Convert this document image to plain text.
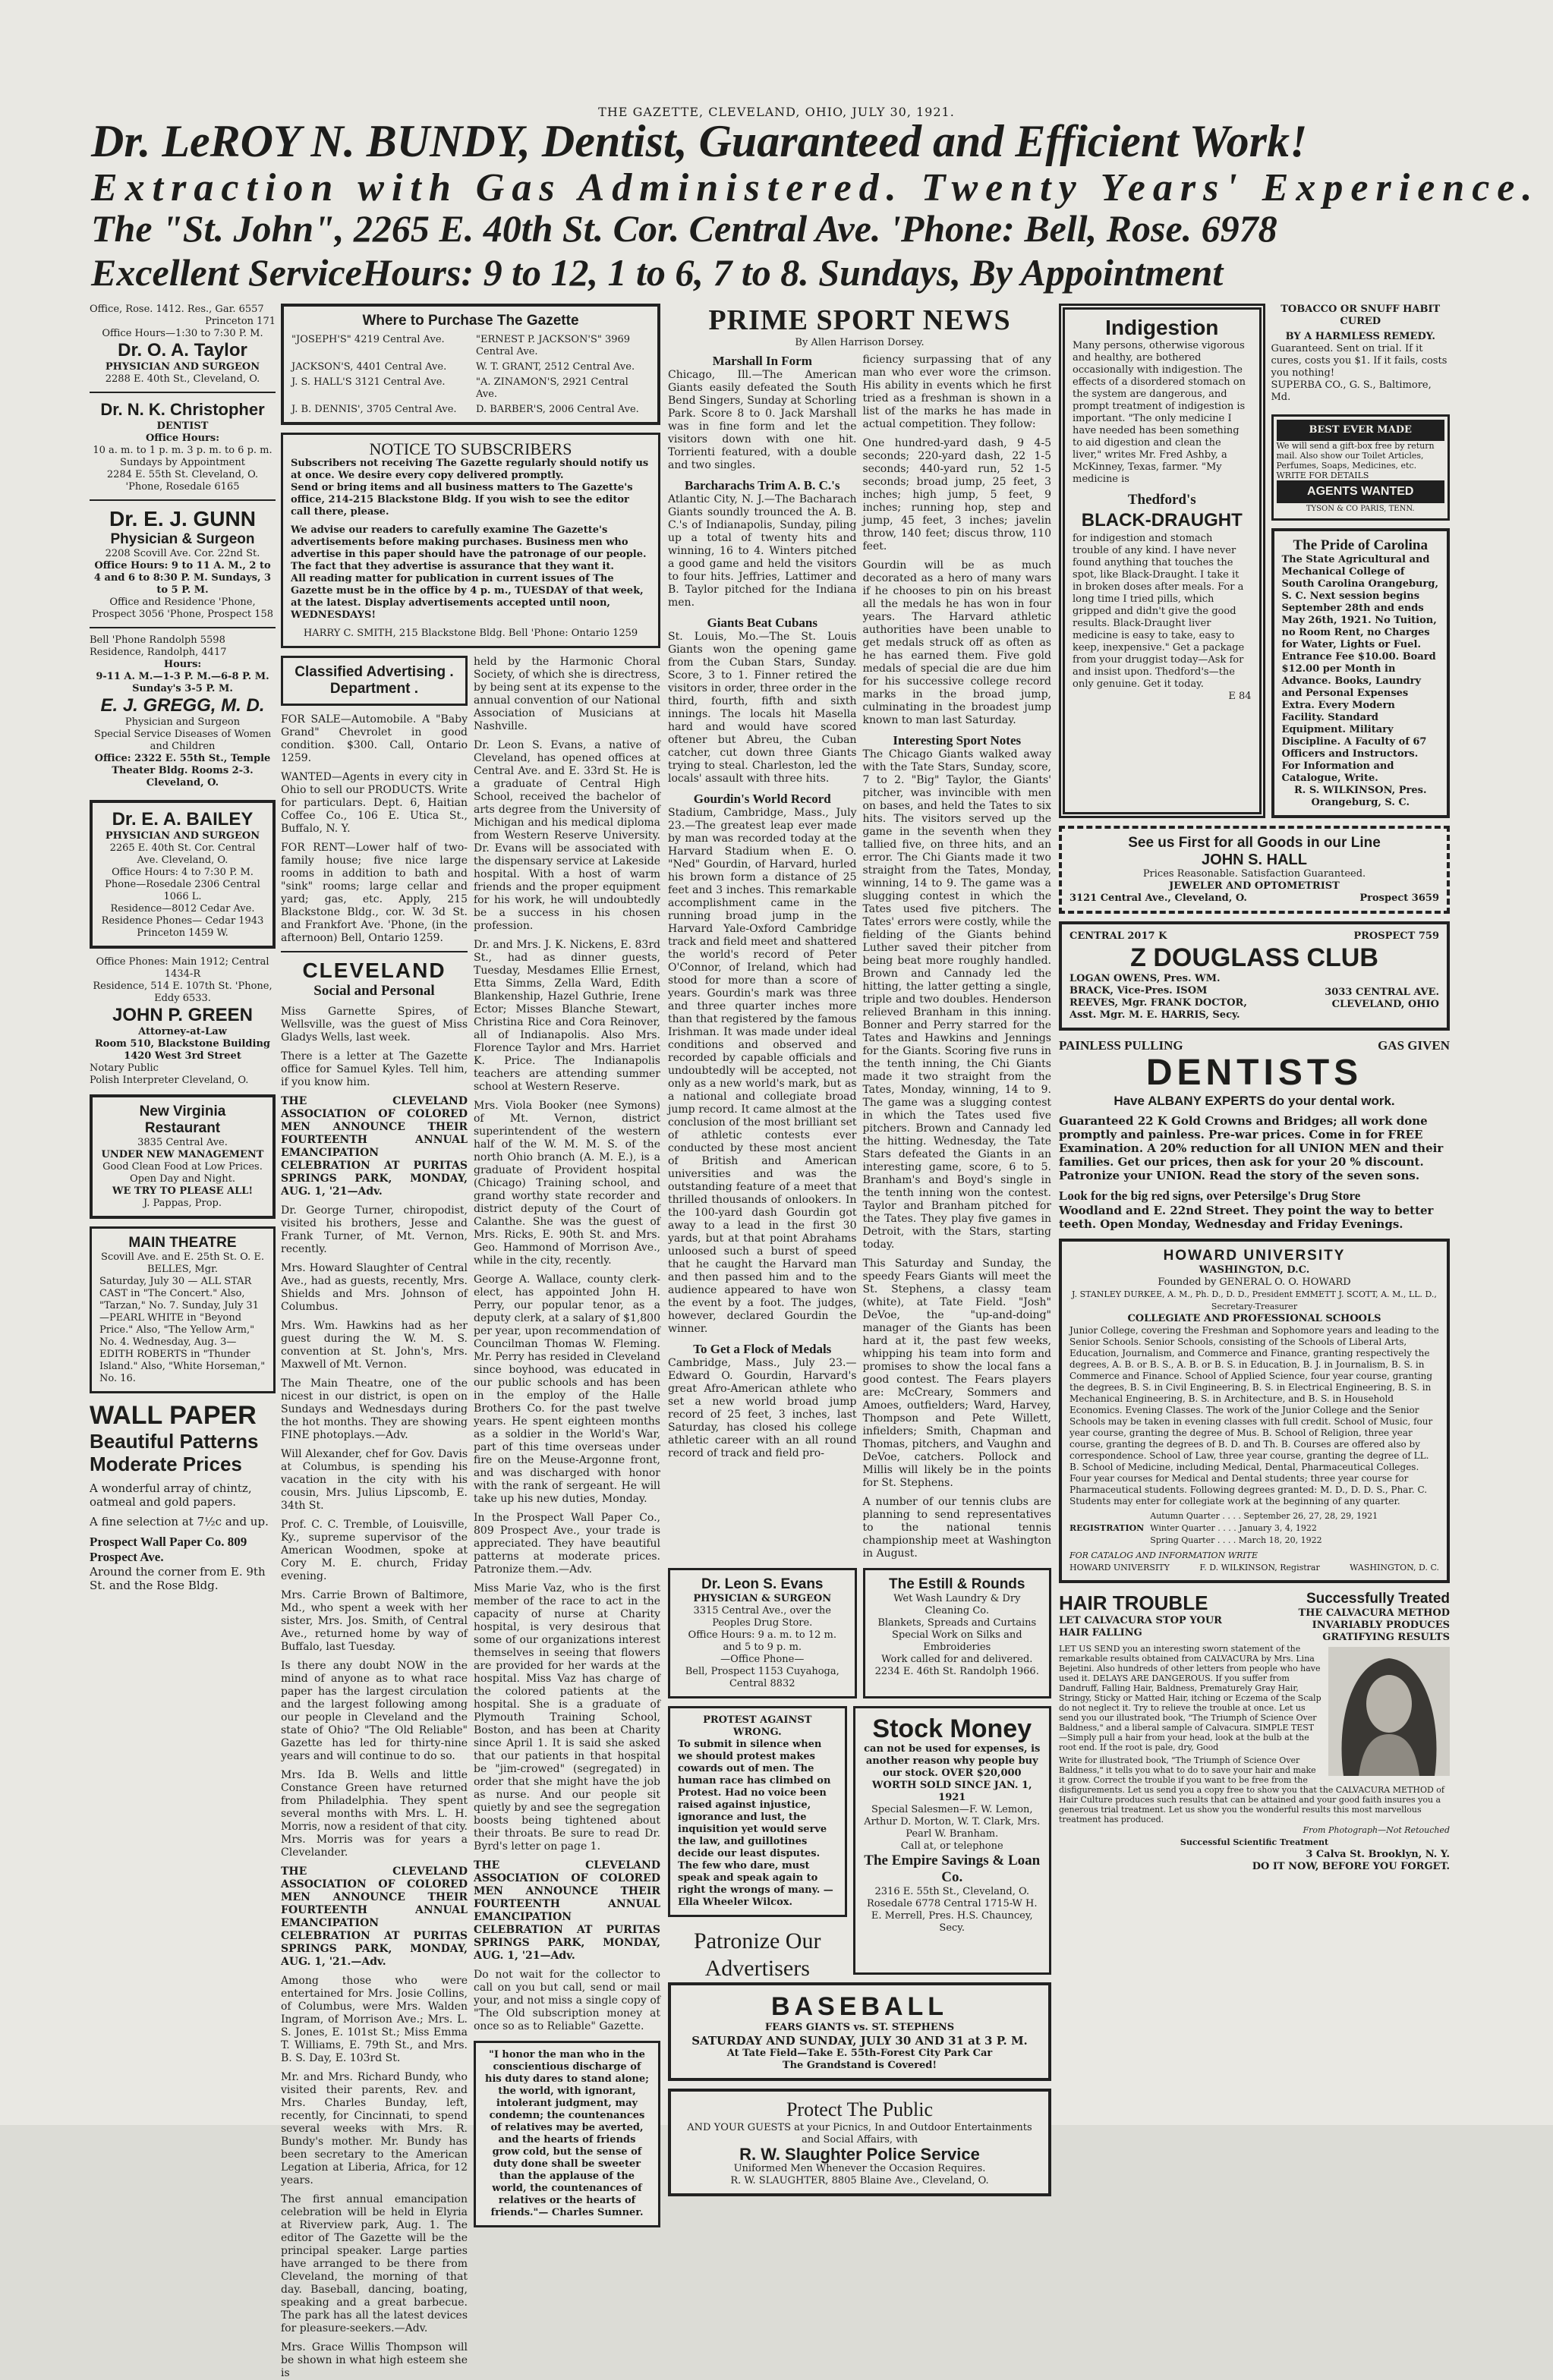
THE GAZETTE, CLEVELAND, OHIO, JULY 30, 1921.
Dr. LeROY N. BUNDY, Dentist, Guaranteed and Efficient Work!
Extraction with Gas Administered. Twenty Years' Experience.
The "St. John", 2265 E. 40th St. Cor. Central Ave. 'Phone: Bell, Rose. 6978
Excellent ServiceHours: 9 to 12, 1 to 6, 7 to 8. Sundays, By Appointment
Office, Rose. 1412. Res., Gar. 6557
Princeton 171
Office Hours—1:30 to 7:30 P. M.
Dr. O. A. Taylor
PHYSICIAN AND SURGEON
2288 E. 40th St., Cleveland, O.
Dr. N. K. Christopher
DENTIST
Office Hours:
10 a. m. to 1 p. m. 3 p. m. to 6 p. m. Sundays by Appointment
2284 E. 55th St. Cleveland, O.
'Phone, Rosedale 6165
Dr. E. J. GUNN
Physician & Surgeon
2208 Scovill Ave. Cor. 22nd St.
Office Hours: 9 to 11 A. M., 2 to 4 and 6 to 8:30 P. M. Sundays, 3 to 5 P. M.
Office and Residence 'Phone, Prospect 3056 'Phone, Prospect 158
Bell 'Phone Randolph 5598 Residence, Randolph, 4417
Hours:
9-11 A. M.—1-3 P. M.—6-8 P. M. Sunday's 3-5 P. M.
E. J. GREGG, M. D.
Physician and Surgeon
Special Service Diseases of Women and Children
Office: 2322 E. 55th St., Temple Theater Bldg. Rooms 2-3. Cleveland, O.
Dr. E. A. BAILEY
PHYSICIAN AND SURGEON
2265 E. 40th St. Cor. Central Ave. Cleveland, O.
Office Hours: 4 to 7:30 P. M. Phone—Rosedale 2306 Central 1066 L.
Residence—8012 Cedar Ave. Residence Phones— Cedar 1943 Princeton 1459 W.
Office Phones: Main 1912; Central 1434-R
Residence, 514 E. 107th St. 'Phone, Eddy 6533.
JOHN P. GREEN
Attorney-at-Law
Room 510, Blackstone Building 1420 West 3rd Street
Notary Public
Polish Interpreter Cleveland, O.
New Virginia Restaurant
3835 Central Ave.
UNDER NEW MANAGEMENT
Good Clean Food at Low Prices. Open Day and Night.
WE TRY TO PLEASE ALL!
J. Pappas, Prop.
MAIN THEATRE
Scovill Ave. and E. 25th St. O. E. BELLES, Mgr.
Saturday, July 30 — ALL STAR CAST in "The Concert." Also, "Tarzan," No. 7. Sunday, July 31—PEARL WHITE in "Beyond Price." Also, "The Yellow Arm," No. 4. Wednesday, Aug. 3—EDITH ROBERTS in "Thunder Island." Also, "White Horseman," No. 16.
WALL PAPER
Beautiful Patterns
Moderate Prices
A wonderful array of chintz, oatmeal and gold papers.
A fine selection at 7½c and up.
Prospect Wall Paper Co. 809 Prospect Ave.
Around the corner from E. 9th St. and the Rose Bldg.
Where to Purchase The Gazette
"JOSEPH'S" 4219 Central Ave.	"ERNEST P. JACKSON'S" 3969 Central Ave.
JACKSON'S, 4401 Central Ave.	W. T. GRANT, 2512 Central Ave.
J. S. HALL'S 3121 Central Ave.	"A. ZINAMON'S, 2921 Central Ave.
J. B. DENNIS', 3705 Central Ave.	D. BARBER'S, 2006 Central Ave.
NOTICE TO SUBSCRIBERS
Subscribers not receiving The Gazette regularly should notify us at once. We desire every copy delivered promptly.
Send or bring items and all business matters to The Gazette's office, 214-215 Blackstone Bldg. If you wish to see the editor call there, please.
We advise our readers to carefully examine The Gazette's advertisements before making purchases. Business men who advertise in this paper should have the patronage of our people. The fact that they advertise is assurance that they want it.
All reading matter for publication in current issues of The Gazette must be in the office by 4 p. m., TUESDAY of that week, at the latest. Display advertisements accepted until noon, WEDNESDAYS!
HARRY C. SMITH, 215 Blackstone Bldg. Bell 'Phone: Ontario 1259
Classified Advertising . Department .
FOR SALE—Automobile. A "Baby Grand" Chevrolet in good condition. $300. Call, Ontario 1259.
WANTED—Agents in every city in Ohio to sell our PRODUCTS. Write for particulars. Dept. 6, Haitian Coffee Co., 106 E. Utica St., Buffalo, N. Y.
FOR RENT—Lower half of two-family house; five nice large rooms in addition to bath and "sink" rooms; large cellar and yard; gas, etc. Apply, 215 Blackstone Bldg., cor. W. 3d St. and Frankfort Ave. 'Phone, (in the afternoon) Bell, Ontario 1259.
CLEVELAND
Social and Personal
Miss Garnette Spires, of Wellsville, was the guest of Miss Gladys Wells, last week.
There is a letter at The Gazette office for Samuel Kyles. Tell him, if you know him.
THE CLEVELAND ASSOCIATION OF COLORED MEN ANNOUNCE THEIR FOURTEENTH ANNUAL EMANCIPATION CELEBRATION AT PURITAS SPRINGS PARK, MONDAY, AUG. 1, '21—Adv.
Dr. George Turner, chiropodist, visited his brothers, Jesse and Frank Turner, of Mt. Vernon, recently.
Mrs. Howard Slaughter of Central Ave., had as guests, recently, Mrs. Shields and Mrs. Johnson of Columbus.
Mrs. Wm. Hawkins had as her guest during the W. M. S. convention at St. John's, Mrs. Maxwell of Mt. Vernon.
The Main Theatre, one of the nicest in our district, is open on Sundays and Wednesdays during the hot months. They are showing FINE photoplays.—Adv.
Will Alexander, chef for Gov. Davis at Columbus, is spending his vacation in the city with his cousin, Mrs. Julius Lipscomb, E. 34th St.
Prof. C. C. Tremble, of Louisville, Ky., supreme supervisor of the American Woodmen, spoke at Cory M. E. church, Friday evening.
Mrs. Carrie Brown of Baltimore, Md., who spent a week with her sister, Mrs. Jos. Smith, of Central Ave., returned home by way of Buffalo, last Tuesday.
Is there any doubt NOW in the mind of anyone as to what race paper has the largest circulation and the largest following among our people in Cleveland and the state of Ohio? "The Old Reliable" Gazette has led for thirty-nine years and will continue to do so.
Mrs. Ida B. Wells and little Constance Green have returned from Philadelphia. They spent several months with Mrs. L. H. Morris, now a resident of that city. Mrs. Morris was for years a Clevelander.
THE CLEVELAND ASSOCIATION OF COLORED MEN ANNOUNCE THEIR FOURTEENTH ANNUAL EMANCIPATION CELEBRATION AT PURITAS SPRINGS PARK, MONDAY, AUG. 1, '21.—Adv.
Among those who were entertained for Mrs. Josie Collins, of Columbus, were Mrs. Walden Ingram, of Morrison Ave.; Mrs. L. S. Jones, E. 101st St.; Miss Emma T. Williams, E. 79th St., and Mrs. B. S. Day, E. 103rd St.
Mr. and Mrs. Richard Bundy, who visited their parents, Rev. and Mrs. Charles Bunday, left, recently, for Cincinnati, to spend several weeks with Mrs. R. Bundy's mother. Mr. Bundy has been secretary to the American Legation at Liberia, Africa, for 12 years.
The first annual emancipation celebration will be held in Elyria at Riverview park, Aug. 1. The editor of The Gazette will be the principal speaker. Large parties have arranged to be there from Cleveland, the morning of that day. Baseball, dancing, boating, speaking and a great barbecue. The park has all the latest devices for pleasure-seekers.—Adv.
Mrs. Grace Willis Thompson will be shown in what high esteem she is
held by the Harmonic Choral Society, of which she is directress, by being sent at its expense to the annual convention of our National Association of Musicians at Nashville.
Dr. Leon S. Evans, a native of Cleveland, has opened offices at Central Ave. and E. 33rd St. He is a graduate of Central High School, received the bachelor of arts degree from the University of Michigan and his medical diploma from Western Reserve University. Dr. Evans will be associated with the dispensary service at Lakeside hospital. With a host of warm friends and the proper equipment for his work, he will undoubtedly be a success in his chosen profession.
Dr. and Mrs. J. K. Nickens, E. 83rd St., had as dinner guests, Tuesday, Mesdames Ellie Ernest, Etta Simms, Zella Ward, Edith Blankenship, Hazel Guthrie, Irene Ector; Misses Blanche Stewart, Christina Rice and Cora Reinover, all of Indianapolis. Also Mrs. Florence Taylor and Mrs. Harriet K. Price. The Indianapolis teachers are attending summer school at Western Reserve.
Mrs. Viola Booker (nee Symons) of Mt. Vernon, district superintendent of the western half of the W. M. M. S. of the north Ohio branch (A. M. E.), is a graduate of Provident hospital (Chicago) Training school, and grand worthy state recorder and district deputy of the Court of Calanthe. She was the guest of Mrs. Ricks, E. 90th St. and Mrs. Geo. Hammond of Morrison Ave., while in the city, recently.
George A. Wallace, county clerk-elect, has appointed John H. Perry, our popular tenor, as a deputy clerk, at a salary of $1,800 per year, upon recommendation of Councilman Thomas W. Fleming. Mr. Perry has resided in Cleveland since boyhood, was educated in our public schools and has been in the employ of the Halle Brothers Co. for the past twelve years. He spent eighteen months as a soldier in the World's War, part of this time overseas under fire on the Meuse-Argonne front, and was discharged with honor with the rank of sergeant. He will take up his new duties, Monday.
In the Prospect Wall Paper Co., 809 Prospect Ave., your trade is appreciated. They have beautiful patterns at moderate prices. Patronize them.—Adv.
Miss Marie Vaz, who is the first member of the race to act in the capacity of nurse at Charity hospital, is very desirous that some of our organizations interest themselves in seeing that flowers are provided for her wards at the hospital. Miss Vaz has charge of the colored patients at the hospital. She is a graduate of Plymouth Training School, Boston, and has been at Charity since April 1. It is said she asked that our patients in that hospital be "jim-crowed" (segregated) in order that she might have the job as nurse. And our people sit quietly by and see the segregation boosts being tightened about their throats. Be sure to read Dr. Byrd's letter on page 1.
THE CLEVELAND ASSOCIATION OF COLORED MEN ANNOUNCE THEIR FOURTEENTH ANNUAL EMANCIPATION CELEBRATION AT PURITAS SPRINGS PARK, MONDAY, AUG. 1, '21—Adv.
Do not wait for the collector to call on you but call, send or mail your, and not miss a single copy of "The Old subscription money at once so as to Reliable" Gazette.
"I honor the man who in the conscientious discharge of his duty dares to stand alone; the world, with ignorant, intolerant judgment, may condemn; the countenances of relatives may be averted, and the hearts of friends grow cold, but the sense of duty done shall be sweeter than the applause of the world, the countenances of relatives or the hearts of friends."— Charles Sumner.
PRIME SPORT NEWS
By Allen Harrison Dorsey.
Marshall In Form
Chicago, Ill.—The American Giants easily defeated the South Bend Singers, Sunday at Schorling Park. Score 8 to 0. Jack Marshall was in fine form and let the visitors down with one hit. Torrienti featured, with a double and two singles.
Barcharachs Trim A. B. C.'s
Atlantic City, N. J.—The Bacharach Giants soundly trounced the A. B. C.'s of Indianapolis, Sunday, piling up a total of twenty hits and winning, 16 to 4. Winters pitched a good game and held the visitors to four hits. Jeffries, Lattimer and B. Taylor pitched for the Indiana men.
Giants Beat Cubans
St. Louis, Mo.—The St. Louis Giants won the opening game from the Cuban Stars, Sunday. Score, 3 to 1. Finner retired the visitors in order, three order in the third, fourth, fifth and sixth innings. The locals hit Masella hard and would have scored oftener but Abreu, the Cuban catcher, cut down three Giants trying to steal. Charleston, led the locals' assault with three hits.
Gourdin's World Record
Stadium, Cambridge, Mass., July 23.—The greatest leap ever made by man was recorded today at the Harvard Stadium when E. O. "Ned" Gourdin, of Harvard, hurled his brown form a distance of 25 feet and 3 inches. This remarkable accomplishment came in the running broad jump in the Harvard Yale-Oxford Cambridge track and field meet and shattered the world's record of Peter O'Connor, of Ireland, which had stood for more than a score of years. Gourdin's mark was three and three quarter inches more than that registered by the famous Irishman. It was made under ideal conditions and observed and recorded by capable officials and undoubtedly will be accepted, not only as a new world's mark, but as a national and collegiate broad jump record. It came almost at the conclusion of the most brilliant set of athletic contests ever conducted by these most ancient of British and American universities and was the outstanding feature of a meet that thrilled thousands of onlookers. In the 100-yard dash Gourdin got away to a lead in the first 30 yards, but at that point Abrahams unloosed such a burst of speed that he caught the Harvard man and then passed him and to the audience appeared to have won the event by a foot. The judges, however, declared Gourdin the winner.
To Get a Flock of Medals
Cambridge, Mass., July 23.—Edward O. Gourdin, Harvard's great Afro-American athlete who set a new world broad jump record of 25 feet, 3 inches, last Saturday, has closed his college athletic career with an all round record of track and field pro-
ficiency surpassing that of any man who ever wore the crimson. His ability in events which he first tried as a freshman is shown in a list of the marks he has made in actual competition. They follow:
One hundred-yard dash, 9 4-5 seconds; 220-yard dash, 22 1-5 seconds; 440-yard run, 52 1-5 seconds; broad jump, 25 feet, 3 inches; high jump, 5 feet, 9 inches; running hop, step and jump, 45 feet, 3 inches; javelin throw, 140 feet; discus throw, 110 feet.
Gourdin will be as much decorated as a hero of many wars if he chooses to pin on his breast all the medals he has won in four years. The Harvard athletic authorities have been unable to get medals struck off as often as he has earned them. Five gold medals of special die are due him for his successive college record marks in the broad jump, culminating in the broadest jump known to man last Saturday.
Interesting Sport Notes
The Chicago Giants walked away with the Tate Stars, Sunday, score, 7 to 2. "Big" Taylor, the Giants' pitcher, was invincible with men on bases, and held the Tates to six hits. The visitors served up the game in the seventh when they tallied five, on three hits, and an error. The Chi Giants made it two straight from the Tates, Monday, winning, 14 to 9. The game was a slugging contest in which the Tates used five pitchers. The Tates' errors were costly, while the fielding of the Giants behind Luther saved their pitcher from being beat more roughly handled. Brown and Cannady led the hitting, the latter getting a single, triple and two doubles. Henderson relieved Branham in this inning. Bonner and Perry starred for the Tates and Hawkins and Jennings for the Giants. Scoring five runs in the tenth inning, the Chi Giants made it two straight from the Tates, Monday, winning, 14 to 9. The game was a slugging contest in which the Tates used five pitchers. Brown and Cannady led the hitting. Wednesday, the Tate Stars defeated the Giants in an interesting game, score, 6 to 5. Branham's and Boyd's single in the tenth inning won the contest. Taylor and Branham pitched for the Tates. They play five games in Detroit, with the Stars, starting today.
This Saturday and Sunday, the speedy Fears Giants will meet the St. Stephens, a classy team (white), at Tate Field. "Josh" DeVoe, the "up-and-doing" manager of the Giants has been hard at it, the past few weeks, whipping his team into form and promises to show the local fans a good contest. The Fears players are: McCreary, Sommers and Amoes, outfielders; Ward, Harvey, Thompson and Pete Willett, infielders; Smith, Chapman and Thomas, pitchers, and Vaughn and DeVoe, catchers. Pollock and Millis will likely be in the points for St. Stephens.
A number of our tennis clubs are planning to send representatives to the national tennis championship meet at Washington in August.
Dr. Leon S. Evans
PHYSICIAN & SURGEON
3315 Central Ave., over the Peoples Drug Store.
Office Hours: 9 a. m. to 12 m. and 5 to 9 p. m.
—Office Phone—
Bell, Prospect 1153 Cuyahoga, Central 8832
The Estill & Rounds
Wet Wash Laundry & Dry Cleaning Co.
Blankets, Spreads and Curtains Special Work on Silks and Embroideries
Work called for and delivered.
2234 E. 46th St. Randolph 1966.
PROTEST AGAINST WRONG.
To submit in silence when we should protest makes cowards out of men. The human race has climbed on Protest. Had no voice been raised against injustice, ignorance and lust, the inquisition yet would serve the law, and guillotines decide our least disputes. The few who dare, must speak and speak again to right the wrongs of many. —Ella Wheeler Wilcox.
Patronize Our Advertisers
Stock Money
can not be used for expenses, is another reason why people buy our stock. OVER $20,000 WORTH SOLD SINCE JAN. 1, 1921
Special Salesmen—F. W. Lemon, Arthur D. Morton, W. T. Clark, Mrs. Pearl W. Branham.
Call at, or telephone
The Empire Savings & Loan Co.
2316 E. 55th St., Cleveland, O. Rosedale 6778 Central 1715-W H. E. Merrell, Pres. H.S. Chauncey, Secy.
BASEBALL
FEARS GIANTS vs. ST. STEPHENS
SATURDAY AND SUNDAY, JULY 30 AND 31 at 3 P. M.
At Tate Field—Take E. 55th-Forest City Park Car
The Grandstand is Covered!
Protect The Public
AND YOUR GUESTS at your Picnics, In and Outdoor Entertainments and Social Affairs, with
R. W. Slaughter Police Service
Uniformed Men Whenever the Occasion Requires.
R. W. SLAUGHTER, 8805 Blaine Ave., Cleveland, O.
Indigestion
Many persons, otherwise vigorous and healthy, are bothered occasionally with indigestion. The effects of a disordered stomach on the system are dangerous, and prompt treatment of indigestion is important. "The only medicine I have needed has been something to aid digestion and clean the liver," writes Mr. Fred Ashby, a McKinney, Texas, farmer. "My medicine is
Thedford's
BLACK-DRAUGHT
for indigestion and stomach trouble of any kind. I have never found anything that touches the spot, like Black-Draught. I take it in broken doses after meals. For a long time I tried pills, which gripped and didn't give the good results. Black-Draught liver medicine is easy to take, easy to keep, inexpensive." Get a package from your druggist today—Ask for and insist upon. Thedford's—the only genuine. Get it today.
E 84
TOBACCO OR SNUFF HABIT CURED
BY A HARMLESS REMEDY.
Guaranteed. Sent on trial. If it cures, costs you $1. If it fails, costs you nothing!
SUPERBA CO., G. S., Baltimore, Md.
BEST EVER MADE
We will send a gift-box free by return mail. Also show our Toilet Articles, Perfumes, Soaps, Medicines, etc. WRITE FOR DETAILS
AGENTS WANTED
TYSON & CO PARIS, TENN.
The Pride of Carolina
The State Agricultural and Mechanical College of South Carolina Orangeburg, S. C. Next session begins September 28th and ends May 26th, 1921. No Tuition, no Room Rent, no Charges for Water, Lights or Fuel. Entrance Fee $10.00. Board $12.00 per Month in Advance. Books, Laundry and Personal Expenses Extra. Every Modern Facility. Standard Equipment. Military Discipline. A Faculty of 67 Officers and Instructors. For Information and Catalogue, Write.
R. S. WILKINSON, Pres. Orangeburg, S. C.
See us First for all Goods in our Line
JOHN S. HALL
Prices Reasonable. Satisfaction Guaranteed.
JEWELER AND OPTOMETRIST
3121 Central Ave., Cleveland, O.	Prospect 3659
CENTRAL 2017 K	PROSPECT 759
Z DOUGLASS CLUB
LOGAN OWENS, Pres. WM. BRACK, Vice-Pres. ISOM REEVES, Mgr. FRANK DOCTOR, Asst. Mgr. M. E. HARRIS, Secy.
3033 CENTRAL AVE. CLEVELAND, OHIO
PAINLESS PULLING	GAS GIVEN
DENTISTS
Have ALBANY EXPERTS do your dental work.
Guaranteed 22 K Gold Crowns and Bridges; all work done promptly and painless. Pre-war prices. Come in for FREE Examination. A 20% reduction for all UNION MEN and their families. Get our prices, then ask for your 20 % discount. Patronize your UNION. Read the story of the seven sons.
Look for the big red signs, over Petersilge's Drug Store
Woodland and E. 22nd Street. They point the way to better teeth. Open Monday, Wednesday and Friday Evenings.
HOWARD UNIVERSITY
WASHINGTON, D.C.
Founded by GENERAL O. O. HOWARD
J. STANLEY DURKEE, A. M., Ph. D., D. D., President EMMETT J. SCOTT, A. M., LL. D., Secretary-Treasurer
COLLEGIATE AND PROFESSIONAL SCHOOLS
Junior College, covering the Freshman and Sophomore years and leading to the Senior Schools. Senior Schools, consisting of the Schools of Liberal Arts, Education, Journalism, and Commerce and Finance, granting respectively the degrees, A. B. or B. S., A. B. or B. S. in Education, B. J. in Journalism, B. S. in Commerce and Finance. School of Applied Science, four year course, granting the degrees, B. S. in Civil Engineering, B. S. in Electrical Engineering, B. S. in Mechanical Engineering, B. S. in Architecture, and B. S. in Household Economics. Evening Classes. The work of the Junior College and the Senior Schools may be taken in evening classes with full credit. School of Music, four year course, granting the degree of Mus. B. School of Religion, three year course, granting the degrees of B. D. and Th. B. Courses are offered also by correspondence. School of Law, three year course, granting the degree of LL. B. School of Medicine, including Medical, Dental, Pharmaceutical Colleges. Four year courses for Medical and Dental students; three year course for Pharmaceutical students. Following degrees granted: M. D., D. D. S., Phar. C. Students may enter for collegiate work at the beginning of any quarter.
REGISTRATION
Autumn Quarter . . . . September 26, 27, 28, 29, 1921
Winter Quarter . . . . January 3, 4, 1922
Spring Quarter . . . . March 18, 20, 1922
FOR CATALOG AND INFORMATION WRITE
HOWARD UNIVERSITY	F. D. WILKINSON, Registrar	WASHINGTON, D. C.
HAIR TROUBLE
LET CALVACURA STOP YOUR HAIR FALLING
Successfully Treated
THE CALVACURA METHOD INVARIABLY PRODUCES GRATIFYING RESULTS
LET US SEND you an interesting sworn statement of the remarkable results obtained from CALVACURA by Mrs. Lina Bejetini. Also hundreds of other letters from people who have used it. DELAYS ARE DANGEROUS. If you suffer from Dandruff, Falling Hair, Baldness, Prematurely Gray Hair, Stringy, Sticky or Matted Hair, itching or Eczema of the Scalp do not neglect it. Try to relieve the trouble at once. Let us send you our illustrated book, "The Triumph of Science Over Baldness," and a liberal sample of Calvacura. SIMPLE TEST—Simply pull a hair from your head, look at the bulb at the root end. If the root is pale, dry, Good
Write for illustrated book, "The Triumph of Science Over Baldness," it tells you what to do to save your hair and make it grow. Correct the trouble if you want to be free from the disfigurements. Let us send you a copy free to show you that the CALVACURA METHOD of Hair Culture produces such results that can be attained and your good faith insures you a generous trial treatment. Let us show you the wonderful results this most marvellous treatment has produced.
From Photograph—Not Retouched
Successful Scientific Treatment
3 Calva St. Brooklyn, N. Y.
DO IT NOW, BEFORE YOU FORGET.
